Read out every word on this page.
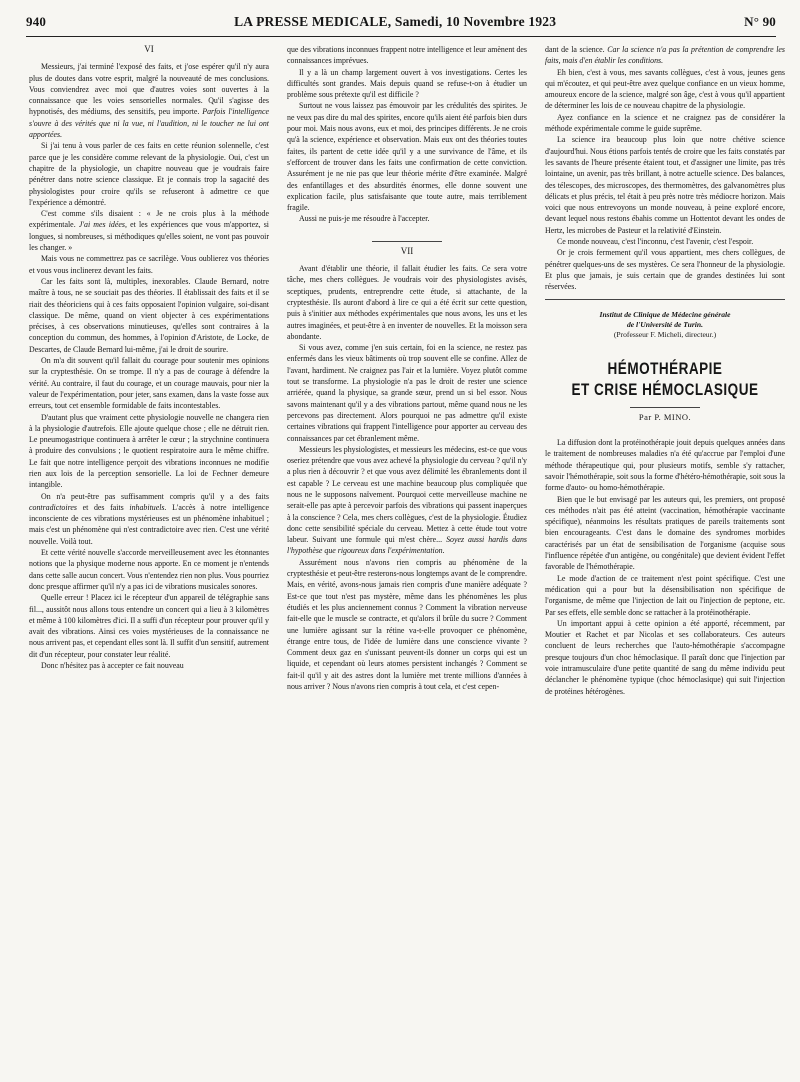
940	LA PRESSE MEDICALE, Samedi, 10 Novembre 1923	N° 90
VI

Messieurs, j'ai terminé l'exposé des faits, et j'ose espérer qu'il n'y aura plus de doutes dans votre esprit, malgré la nouveauté de mes conclusions. Vous conviendrez avec moi que d'autres voies sont ouvertes à la connaissance que les voies sensorielles normales. Qu'il s'agisse des hypnotisés, des médiums, des sensitifs, peu importe. Parfois l'intelligence s'ouvre à des vérités que ni la vue, ni l'audition, ni le toucher ne lui ont apportées.

Si j'ai tenu à vous parler de ces faits en cette réunion solennelle, c'est parce que je les considère comme relevant de la physiologie. Oui, c'est un chapitre de la physiologie, un chapitre nouveau que je voudrais faire pénétrer dans notre science classique. Et je connais trop la sagacité des physiologistes pour croire qu'ils se refuseront à admettre ce que l'expérience a démontré.

C'est comme s'ils disaient : « Je ne crois plus à la méthode expérimentale. J'ai mes idées, et les expériences que vous m'apportez, si longues, si nombreuses, si méthodiques qu'elles soient, ne vont pas pouvoir les changer. »

Mais vous ne commettrez pas ce sacrilège. Vous oublierez vos théories et vous vous inclinerez devant les faits.

Car les faits sont là, multiples, inexorables. Claude Bernard, notre maître à tous, ne se souciait pas des théories. Il établissait des faits et il se riait des théoriciens qui à ces faits opposaient l'opinion vulgaire, soi-disant classique. De même, quand on vient objecter à ces expérimentations précises, à ces observations minutieuses, qu'elles sont contraires à la conception du commun, des hommes, à l'opinion d'Aristote, de Locke, de Descartes, de Claude Bernard lui-même, j'ai le droit de sourire.

On m'a dit souvent qu'il fallait du courage pour soutenir mes opinions sur la cryptesthésie. On se trompe. Il n'y a pas de courage à défendre la vérité. Au contraire, il faut du courage, et un courage mauvais, pour nier la valeur de l'expérimentation, pour jeter, sans examen, dans la vaste fosse aux erreurs, tout cet ensemble formidable de faits incontestables.

D'autant plus que vraiment cette physiologie nouvelle ne changera rien à la physiologie d'autrefois. Elle ajoute quelque chose ; elle ne détruit rien. Le pneumogastrique continuera à arrêter le cœur ; la strychnine continuera à produire des convulsions ; le quotient respiratoire aura le même chiffre. Le fait que notre intelligence perçoit des vibrations inconnues ne modifie rien aux lois de la perception sensorielle. La loi de Fechner demeure intangible.

On n'a peut-être pas suffisamment compris qu'il y a des faits contradictoires et des faits inhabituels. L'accès à notre intelligence inconsciente de ces vibrations mystérieuses est un phénomène inhabituel ; mais c'est un phénomène qui n'est contradictoire avec rien. C'est une vérité nouvelle. Voilà tout.

Et cette vérité nouvelle s'accorde merveilleusement avec les étonnantes notions que la physique moderne nous apporte. En ce moment je n'entends dans cette salle aucun concert. Vous n'entendez rien non plus. Vous pourriez donc presque affirmer qu'il n'y a pas ici de vibrations musicales sonores.

Quelle erreur ! Placez ici le récepteur d'un appareil de télégraphie sans fil..., aussitôt nous allons tous entendre un concert qui a lieu à 3 kilomètres et même à 100 kilomètres d'ici. Il a suffi d'un récepteur pour prouver qu'il y avait des vibrations. Ainsi ces voies mystérieuses de la connaissance ne nous arrivent pas, et cependant elles sont là. Il suffit d'un sensitif, autrement dit d'un récepteur, pour constater leur réalité.

Donc n'hésitez pas à accepter ce fait nouveau

que des vibrations inconnues frappent notre intelligence et leur amènent des connaissances imprévues.

Il y a là un champ largement ouvert à vos investigations. Certes les difficultés sont grandes. Mais depuis quand se refuse-t-on à étudier un problème sous prétexte qu'il est difficile ?

Surtout ne vous laissez pas émouvoir par les crédulités des spirites. Je ne veux pas dire du mal des spirites, encore qu'ils aient été parfois bien durs pour moi. Mais nous avons, eux et moi, des principes différents. Je ne crois qu'à la science, expérience et observation. Mais eux ont des théories toutes faites, ils partent de cette idée qu'il y a une survivance de l'âme, et ils s'efforcent de trouver dans les faits une confirmation de cette conviction. Assurément je ne nie pas que leur théorie mérite d'être examinée. Malgré des enfantillages et des absurdités énormes, elle donne souvent une explication facile, plus satisfaisante que toute autre, mais terriblement fragile.

Aussi ne puis-je me résoudre à l'accepter.

VII

Avant d'établir une théorie, il fallait étudier les faits. Ce sera votre tâche, mes chers collègues. Je voudrais voir des physiologistes avisés, sceptiques, prudents, entreprendre cette étude, si attachante, de la cryptesthésie. Ils auront d'abord à lire ce qui a été écrit sur cette question, puis à s'initier aux méthodes expérimentales que nous avons, les uns et les autres imaginées, et peut-être à en inventer de nouvelles. Et la moisson sera abondante.

Si vous avez, comme j'en suis certain, foi en la science, ne restez pas enfermés dans les vieux bâtiments où trop souvent elle se confine. Allez de l'avant, hardiment. Ne craignez pas l'air et la lumière. Voyez plutôt comme tout se transforme. La physiologie n'a pas le droit de rester une science arriérée, quand la physique, sa grande sœur, prend un si bel essor. Nous savons maintenant qu'il y a des vibrations partout, même quand nous ne les percevons pas directement. Alors pourquoi ne pas admettre qu'il existe certaines vibrations qui frappent l'intelligence pour apporter au cerveau des connaissances par cet ébranlement même.

Messieurs les physiologistes, et messieurs les médecins, est-ce que vous oseriez prétendre que vous avez achevé la physiologie du cerveau ? qu'il n'y a plus rien à découvrir ? et que vous avez délimité les ébranlements dont il est capable ? Le cerveau est une machine beaucoup plus compliquée que nous ne le supposons naïvement. Pourquoi cette merveilleuse machine ne serait-elle pas apte à percevoir parfois des vibrations qui passent inaperçues à la conscience ? Cela, mes chers collègues, c'est de la physiologie. Étudiez donc cette sensibilité spéciale du cerveau. Mettez à cette étude tout votre labeur. Suivant une formule qui m'est chère... Soyez aussi hardis dans l'hypothèse que rigoureux dans l'expérimentation.

Assurément nous n'avons rien compris au phénomène de la cryptesthésie et peut-être resterons-nous longtemps avant de le comprendre. Mais, en vérité, avons-nous jamais rien compris d'une manière adéquate ? Est-ce que tout n'est pas mystère, même dans les phénomènes les plus étudiés et les plus anciennement connus ? Comment la vibration nerveuse fait-elle que le muscle se contracte, et qu'alors il brûle du sucre ? Comment une lumière agissant sur la rétine va-t-elle provoquer ce phénomène, étrange entre tous, de l'idée de lumière dans une conscience vivante ? Comment deux gaz en s'unissant peuvent-ils donner un corps qui est un liquide, et cependant où leurs atomes persistent inchangés ? Comment se fait-il qu'il y ait des astres dont la lumière met trente millions d'années à nous arriver ? Nous n'avons rien compris à tout cela, et c'est cepen-

dant de la science. Car la science n'a pas la prétention de comprendre les faits, mais d'en établir les conditions.

Eh bien, c'est à vous, mes savants collègues, c'est à vous, jeunes gens qui m'écoutez, et qui peut-être avez quelque confiance en un vieux homme, amoureux encore de la science, malgré son âge, c'est à vous qu'il appartient de déterminer les lois de ce nouveau chapitre de la physiologie.

Ayez confiance en la science et ne craignez pas de considérer la méthode expérimentale comme le guide suprême.

La science ira beaucoup plus loin que notre chétive science d'aujourd'hui. Nous étions parfois tentés de croire que les faits constatés par les savants de l'heure présente étaient tout, et d'assigner une limite, pas très lointaine, un avenir, pas très brillant, à notre actuelle science. Des balances, des télescopes, des microscopes, des thermomètres, des galvanomètres plus délicats et plus précis, tel était à peu près notre très médiocre horizon. Mais voici que nous entrevoyons un monde nouveau, à peine exploré encore, devant lequel nous restons ébahis comme un Hottentot devant les ondes de Hertz, les microbes de Pasteur et la relativité d'Einstein.

Ce monde nouveau, c'est l'inconnu, c'est l'avenir, c'est l'espoir.

Or je crois fermement qu'il vous appartient, mes chers collègues, de pénétrer quelques-uns de ses mystères. Ce sera l'honneur de la physiologie. Et plus que jamais, je suis certain que de grandes destinées lui sont réservées.

Institut de Clinique de Médecine générale
de l'Université de Turin.
(Professeur F. Micheli, directeur.)
HÉMOTHÉRAPIE
ET CRISE HÉMOCLASIQUE
Par P. MINO.

La diffusion dont la protéinothérapie jouit depuis quelques années dans le traitement de nombreuses maladies n'a été qu'accrue par l'emploi d'une méthode thérapeutique qui, pour plusieurs motifs, semble s'y rattacher, savoir l'hémothérapie, soit sous la forme d'hétéro-hémothérapie, soit sous la forme d'auto- ou homo-hémothérapie.

Bien que le but envisagé par les auteurs qui, les premiers, ont proposé ces méthodes n'ait pas été atteint (vaccination, hémothérapie vaccinante spécifique), néanmoins les résultats pratiques de pareils traitements sont bien encourageants. C'est dans le domaine des syndromes morbides caractérisés par un état de sensibilisation de l'organisme (acquise sous l'influence répétée d'un antigène, ou congénitale) que devient évident l'effet favorable de l'hémothérapie.

Le mode d'action de ce traitement n'est point spécifique. C'est une médication qui a pour but la désensibilisation non spécifique de l'organisme, de même que l'injection de lait ou l'injection de peptone, etc. Par ses effets, elle semble donc se rattacher à la protéinothérapie.

Un important appui à cette opinion a été apporté, récemment, par Moutier et Rachet et par Nicolas et ses collaborateurs. Ces auteurs concluent de leurs recherches que l'auto-hémothérapie s'accompagne presque toujours d'un choc hémoclasique. Il paraît donc que l'injection par voie intramusculaire d'une petite quantité de sang du même individu peut déclancher le phénomène typique (choc hémoclasique) qui suit l'injection de protéines hétérogènes.
